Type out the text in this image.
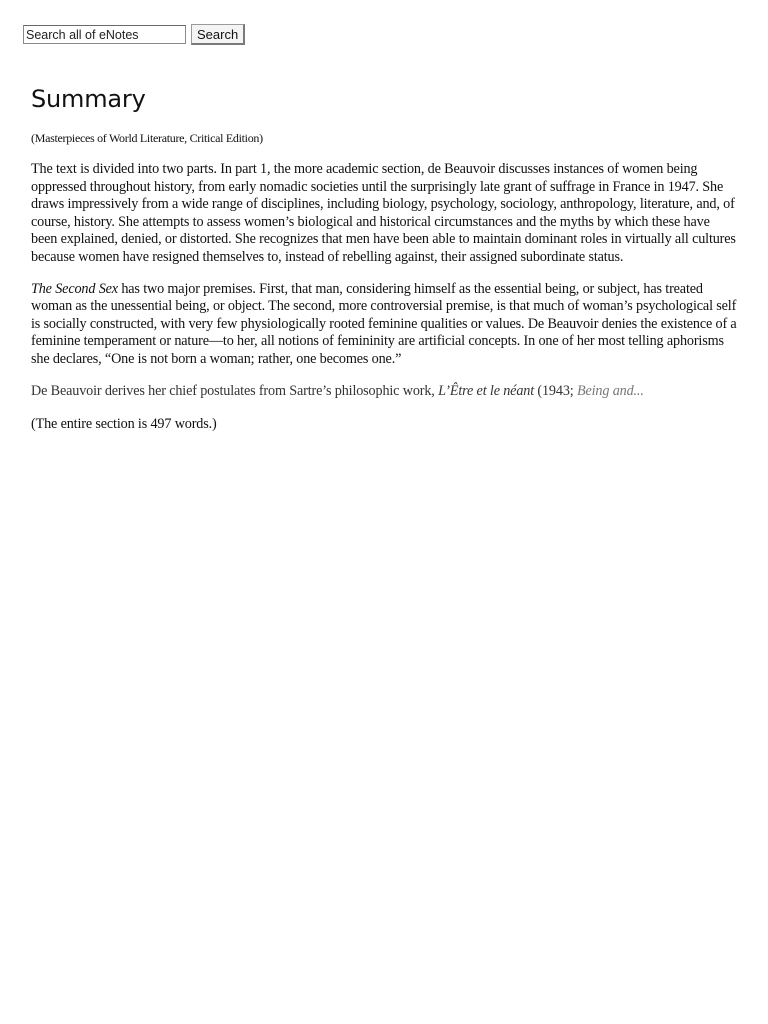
Search all of eNotes
Search
Summary

(Masterpieces of World Literature, Critical Edition)

The text is divided into two parts. In part 1, the more academic section, de Beauvoir discusses instances of women being oppressed throughout history, from early nomadic societies until the surprisingly late grant of suffrage in France in 1947. She draws impressively from a wide range of disciplines, including biology, psychology, sociology, anthropology, literature, and, of course, history. She attempts to assess women’s biological and historical circumstances and the myths by which these have been explained, denied, or distorted. She recognizes that men have been able to maintain dominant roles in virtually all cultures because women have resigned themselves to, instead of rebelling against, their assigned subordinate status.

The Second Sex has two major premises. First, that man, considering himself as the essential being, or subject, has treated woman as the unessential being, or object. The second, more controversial premise, is that much of woman’s psychological self is socially constructed, with very few physiologically rooted feminine qualities or values. De Beauvoir denies the existence of a feminine temperament or nature—to her, all notions of femininity are artificial concepts. In one of her most telling aphorisms she declares, “One is not born a woman; rather, one becomes one.”

De Beauvoir derives her chief postulates from Sartre’s philosophic work, L’Être et le néant (1943; Being and...

(The entire section is 497 words.)
